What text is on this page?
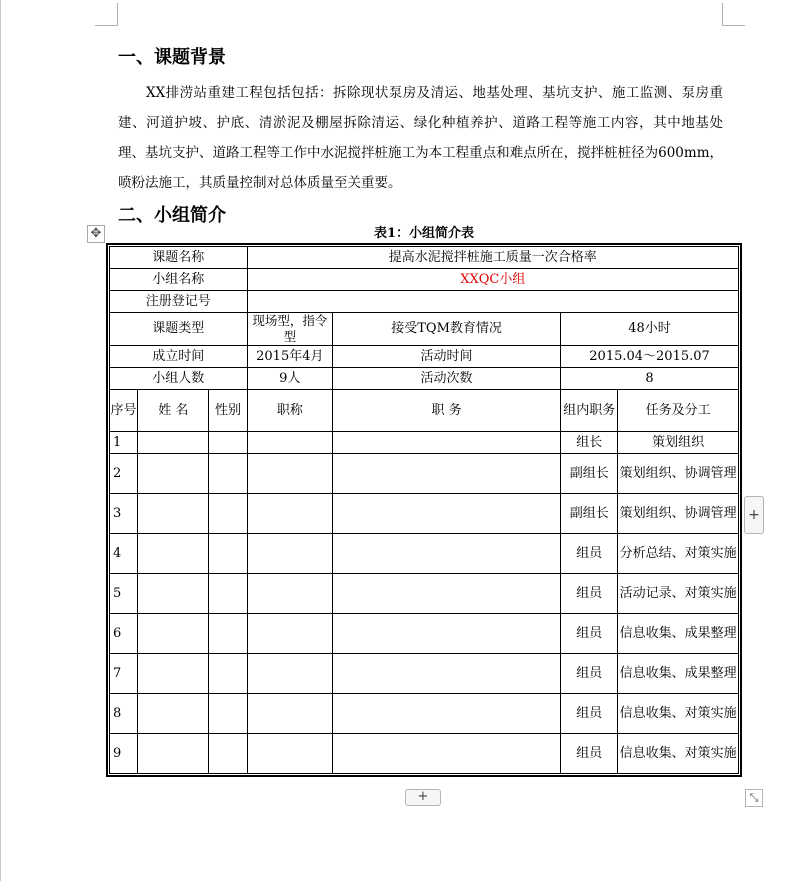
一、课题背景

XX排涝站重建工程包括包括：拆除现状泵房及清运、地基处理、基坑支护、施工监测、泵房重建、河道护坡、护底、清淤泥及棚屋拆除清运、绿化种植养护、道路工程等施工内容，其中地基处理、基坑支护、道路工程等工作中水泥搅拌桩施工为本工程重点和难点所在，搅拌桩桩径为600mm，喷粉法施工，其质量控制对总体质量至关重要。

二、小组简介
✥	表1：小组简介表
课题名称			提高水泥搅拌桩施工质量一次合格率			
小组名称			XXQC小组			
注册登记号						
课题类型			现场型，指令型	接受TQM教育情况	48小时	
成立时间			2015年4月	活动时间	2015.04～2015.07	
小组人数			9人	活动次数	8	
序号	姓 名	性别	职称	职 务	组内职务	任务及分工
1					组长	策划组织
2					副组长	策划组织、协调管理
3					副组长	策划组织、协调管理
4					组员	分析总结、对策实施
5					组员	活动记录、对策实施
6					组员	信息收集、成果整理
7					组员	信息收集、成果整理
8					组员	信息收集、对策实施
9					组员	信息收集、对策实施
+
+	⤡
